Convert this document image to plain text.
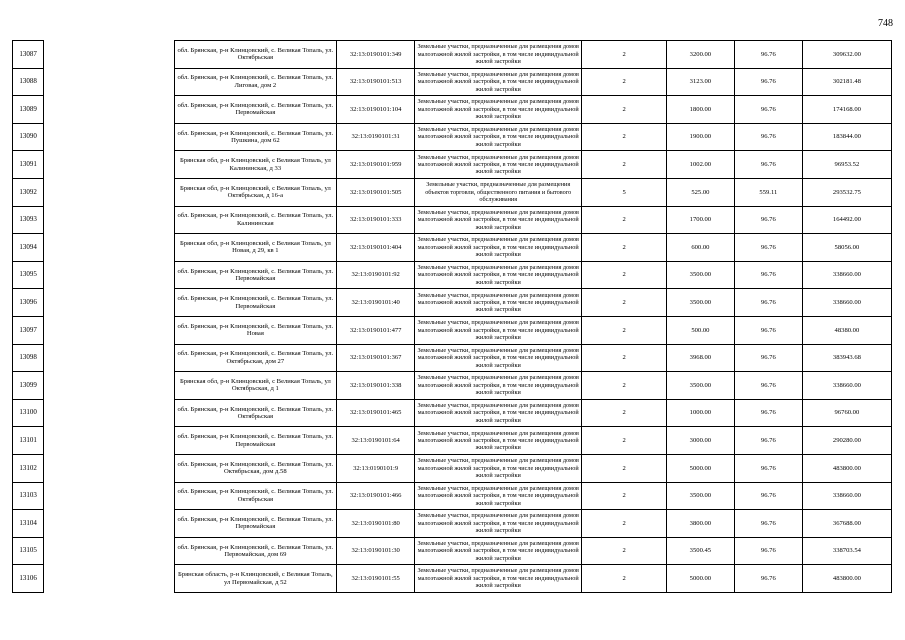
748
13087		обл. Брянская, р-н Клинцовский, с. Великая Топаль, ул. Октябрьская	32:13:0190101:349	Земельные участки, предназначенные для размещения домов малоэтажной жилой застройки, в том числе индивидуальной жилой застройки	2	3200.00	96.76	309632.00
13088		обл. Брянская, р-н Клинцовский, с. Великая Топаль, ул. Лиговая, дом 2	32:13:0190101:513	Земельные участки, предназначенные для размещения домов малоэтажной жилой застройки, в том числе индивидуальной жилой застройки	2	3123.00	96.76	302181.48
13089		обл. Брянская, р-н Клинцовский, с. Великая Топаль, ул. Первомайская	32:13:0190101:104	Земельные участки, предназначенные для размещения домов малоэтажной жилой застройки, в том числе индивидуальной жилой застройки	2	1800.00	96.76	174168.00
13090		обл. Брянская, р-н Клинцовский, с. Великая Топаль, ул. Пушкина, дом 62	32:13:0190101:31	Земельные участки, предназначенные для размещения домов малоэтажной жилой застройки, в том числе индивидуальной жилой застройки	2	1900.00	96.76	183844.00
13091		Брянская обл, р-н Клинцовский, с Великая Топаль, ул Калининская, д 33	32:13:0190101:959	Земельные участки, предназначенные для размещения домов малоэтажной жилой застройки, в том числе индивидуальной жилой застройки	2	1002.00	96.76	96953.52
13092		Брянская обл, р-н Клинцовский, с Великая Топаль, ул Октябрьская, д 16-а	32:13:0190101:505	Земельные участки, предназначенные для размещения объектов торговли, общественного питания и бытового обслуживания	5	525.00	559.11	293532.75
13093		обл. Брянская, р-н Клинцовский, с. Великая Топаль, ул. Калининская	32:13:0190101:333	Земельные участки, предназначенные для размещения домов малоэтажной жилой застройки, в том числе индивидуальной жилой застройки	2	1700.00	96.76	164492.00
13094		Брянская обл, р-н Клинцовский, с Великая Топаль, ул Новая, д 29, кв 1	32:13:0190101:404	Земельные участки, предназначенные для размещения домов малоэтажной жилой застройки, в том числе индивидуальной жилой застройки	2	600.00	96.76	58056.00
13095		обл. Брянская, р-н Клинцовский, с. Великая Топаль, ул. Первомайская	32:13:0190101:92	Земельные участки, предназначенные для размещения домов малоэтажной жилой застройки, в том числе индивидуальной жилой застройки	2	3500.00	96.76	338660.00
13096		обл. Брянская, р-н Клинцовский, с. Великая Топаль, ул. Первомайская	32:13:0190101:40	Земельные участки, предназначенные для размещения домов малоэтажной жилой застройки, в том числе индивидуальной жилой застройки	2	3500.00	96.76	338660.00
13097		обл. Брянская, р-н Клинцовский, с. Великая Топаль, ул. Новая	32:13:0190101:477	Земельные участки, предназначенные для размещения домов малоэтажной жилой застройки, в том числе индивидуальной жилой застройки	2	500.00	96.76	48380.00
13098		обл. Брянская, р-н Клинцовский, с. Великая Топаль, ул. Октябрьская, дом 27	32:13:0190101:367	Земельные участки, предназначенные для размещения домов малоэтажной жилой застройки, в том числе индивидуальной жилой застройки	2	3968.00	96.76	383943.68
13099		Брянская обл, р-н Клинцовский, с Великая Топаль, ул Октябрьская, д 1	32:13:0190101:338	Земельные участки, предназначенные для размещения домов малоэтажной жилой застройки, в том числе индивидуальной жилой застройки	2	3500.00	96.76	338660.00
13100		обл. Брянская, р-н Клинцовский, с. Великая Топаль, ул. Октябрьская	32:13:0190101:465	Земельные участки, предназначенные для размещения домов малоэтажной жилой застройки, в том числе индивидуальной жилой застройки	2	1000.00	96.76	96760.00
13101		обл. Брянская, р-н Клинцовский, с. Великая Топаль, ул. Первомайская	32:13:0190101:64	Земельные участки, предназначенные для размещения домов малоэтажной жилой застройки, в том числе индивидуальной жилой застройки	2	3000.00	96.76	290280.00
13102		обл. Брянская, р-н Клинцовский, с. Великая Топаль, ул. Октябрьская, дом д.58	32:13:0190101:9	Земельные участки, предназначенные для размещения домов малоэтажной жилой застройки, в том числе индивидуальной жилой застройки	2	5000.00	96.76	483800.00
13103		обл. Брянская, р-н Клинцовский, с. Великая Топаль, ул. Октябрьская	32:13:0190101:466	Земельные участки, предназначенные для размещения домов малоэтажной жилой застройки, в том числе индивидуальной жилой застройки	2	3500.00	96.76	338660.00
13104		обл. Брянская, р-н Клинцовский, с. Великая Топаль, ул. Первомайская	32:13:0190101:80	Земельные участки, предназначенные для размещения домов малоэтажной жилой застройки, в том числе индивидуальной жилой застройки	2	3800.00	96.76	367688.00
13105		обл. Брянская, р-н Клинцовский, с. Великая Топаль, ул. Первомайская, дом 69	32:13:0190101:30	Земельные участки, предназначенные для размещения домов малоэтажной жилой застройки, в том числе индивидуальной жилой застройки	2	3500.45	96.76	338703.54
13106		Брянская область, р-н Клинцовский, с Великая Топаль, ул Первомайская, д 52	32:13:0190101:55	Земельные участки, предназначенные для размещения домов малоэтажной жилой застройки, в том числе индивидуальной жилой застройки	2	5000.00	96.76	483800.00
